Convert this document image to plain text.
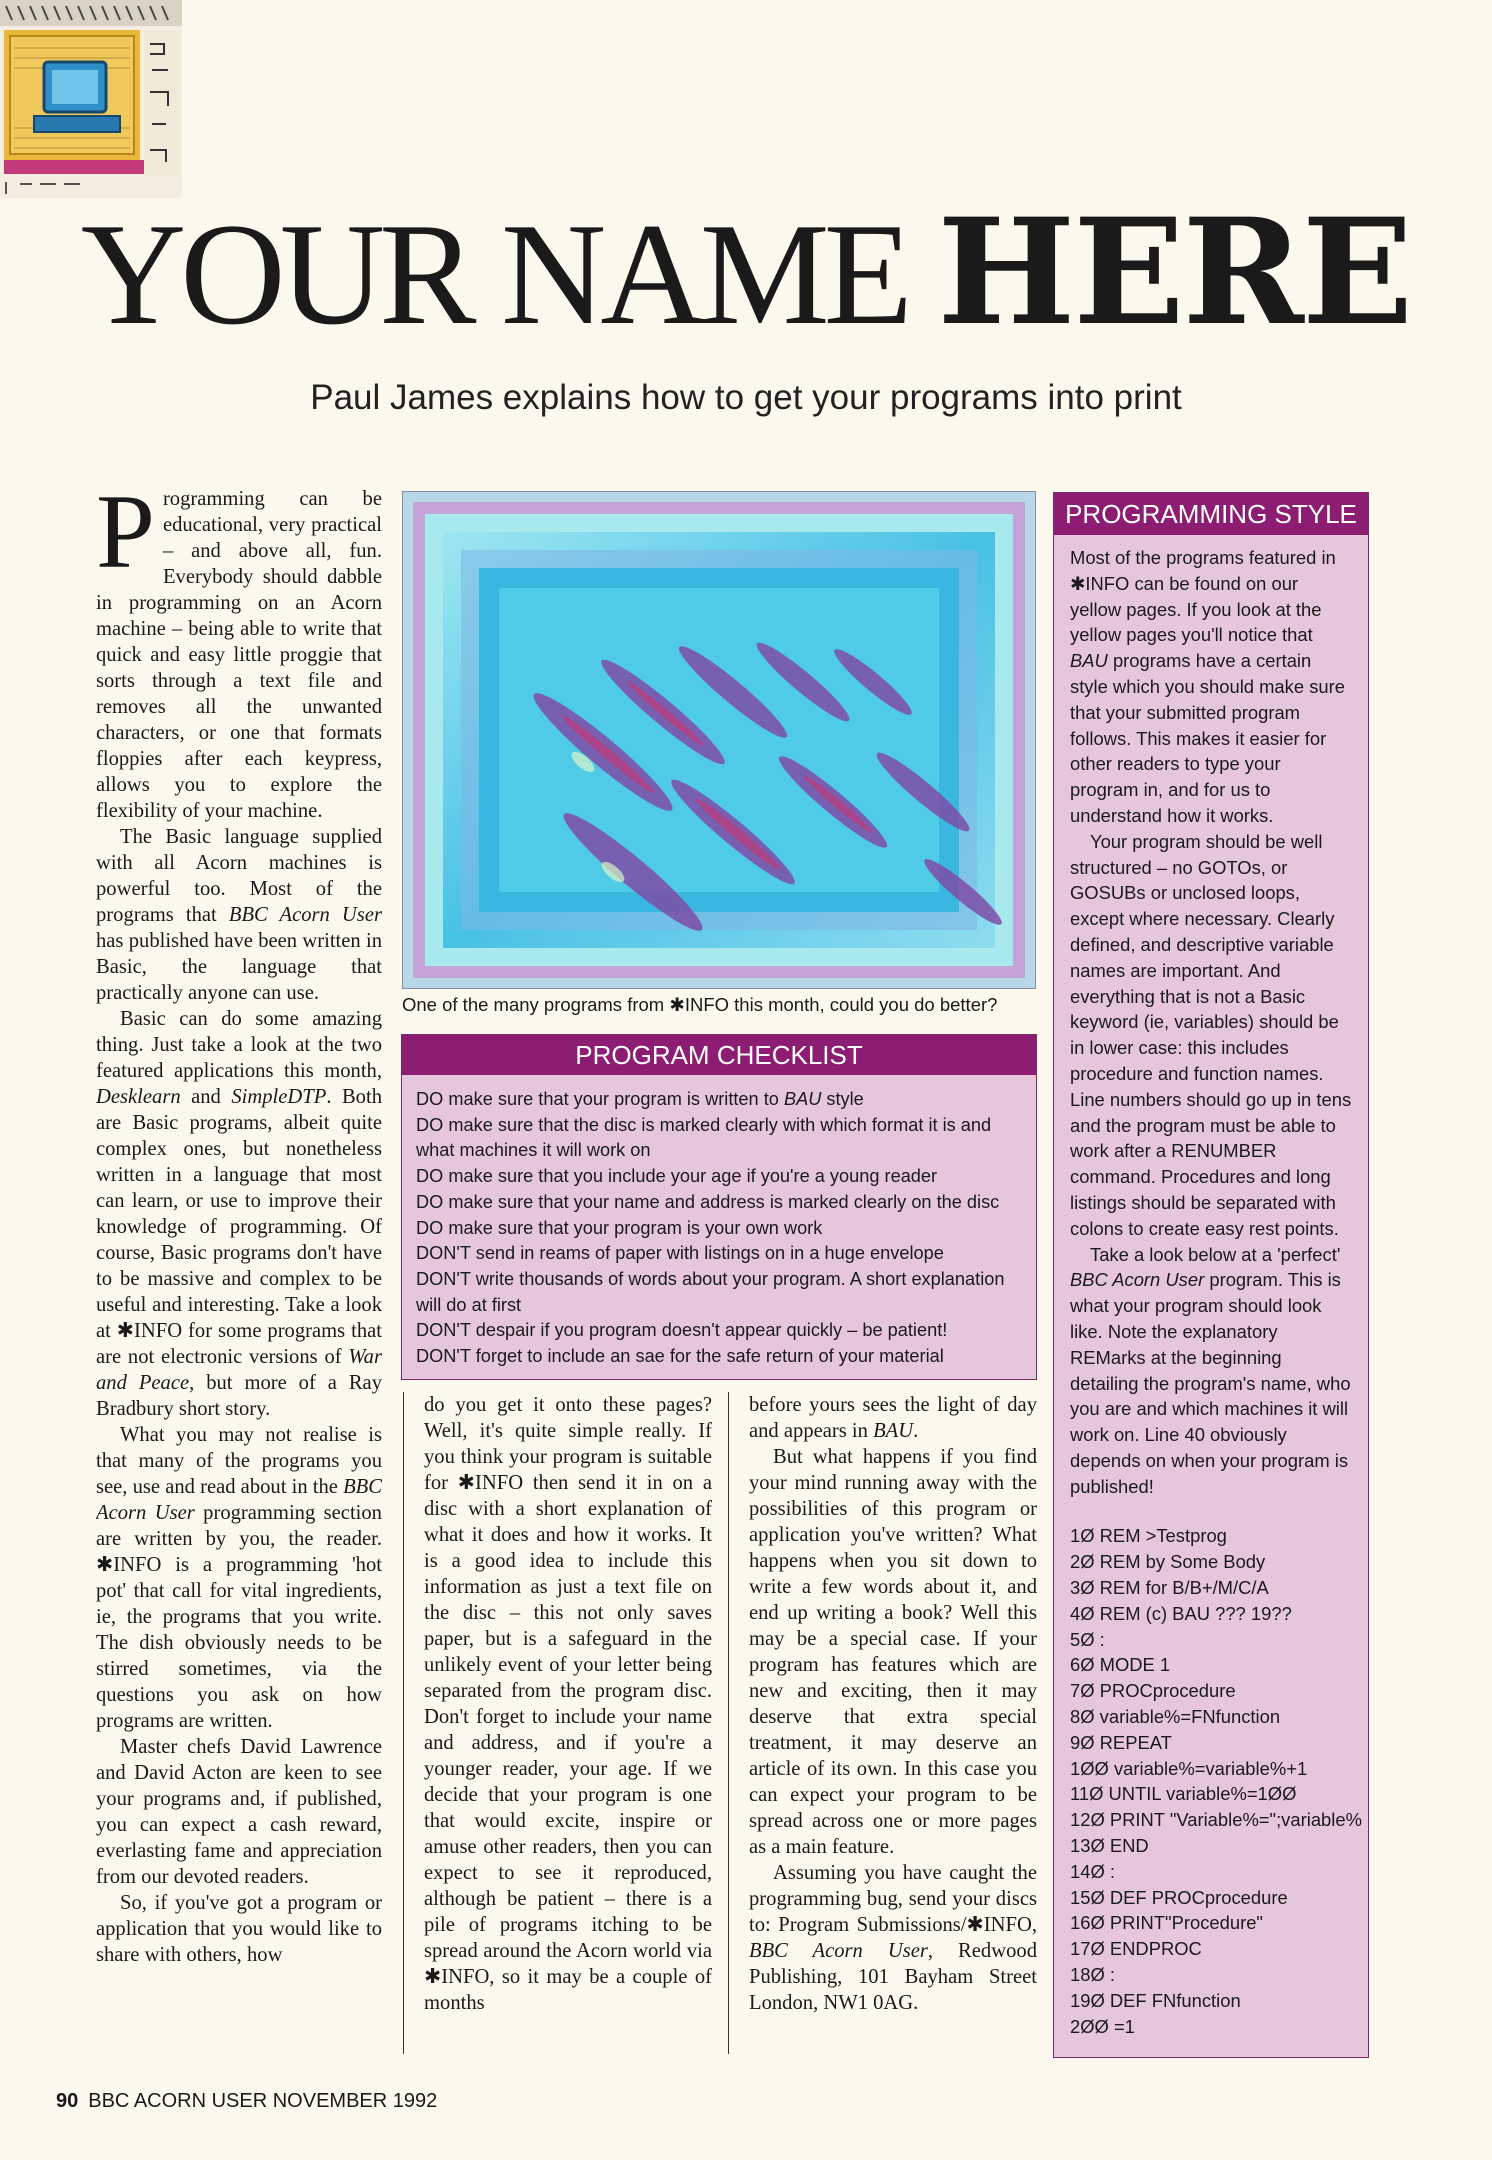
YOUR NAME HERE
Paul James explains how to get your programs into print

Programming can be educational, very practical – and above all, fun. Everybody should dabble in programming on an Acorn machine – being able to write that quick and easy little proggie that sorts through a text file and removes all the unwanted characters, or one that formats floppies after each keypress, allows you to explore the flexibility of your machine.

The Basic language supplied with all Acorn machines is powerful too. Most of the programs that BBC Acorn User has published have been written in Basic, the language that practically anyone can use.

Basic can do some amazing thing. Just take a look at the two featured applications this month, Desklearn and SimpleDTP. Both are Basic programs, albeit quite complex ones, but nonetheless written in a language that most can learn, or use to improve their knowledge of programming. Of course, Basic programs don't have to be massive and complex to be useful and interesting. Take a look at ✱INFO for some programs that are not electronic versions of War and Peace, but more of a Ray Bradbury short story.

What you may not realise is that many of the programs you see, use and read about in the BBC Acorn User programming section are written by you, the reader. ✱INFO is a programming 'hot pot' that call for vital ingredients, ie, the programs that you write. The dish obviously needs to be stirred sometimes, via the questions you ask on how programs are written.

Master chefs David Lawrence and David Acton are keen to see your programs and, if published, you can expect a cash reward, everlasting fame and appreciation from our devoted readers.

So, if you've got a program or application that you would like to share with others, how

One of the many programs from ✱INFO this month, could you do better?
PROGRAM CHECKLIST
DO make sure that your program is written to BAU style
DO make sure that the disc is marked clearly with which format it is and what machines it will work on
DO make sure that you include your age if you're a young reader
DO make sure that your name and address is marked clearly on the disc
DO make sure that your program is your own work
DON'T send in reams of paper with listings on in a huge envelope
DON'T write thousands of words about your program. A short explanation will do at first
DON'T despair if you program doesn't appear quickly – be patient!
DON'T forget to include an sae for the safe return of your material

do you get it onto these pages? Well, it's quite simple really. If you think your program is suitable for ✱INFO then send it in on a disc with a short explanation of what it does and how it works. It is a good idea to include this information as just a text file on the disc – this not only saves paper, but is a safeguard in the unlikely event of your letter being separated from the program disc. Don't forget to include your name and address, and if you're a younger reader, your age. If we decide that your program is one that would excite, inspire or amuse other readers, then you can expect to see it reproduced, although be patient – there is a pile of programs itching to be spread around the Acorn world via ✱INFO, so it may be a couple of months

before yours sees the light of day and appears in BAU.

But what happens if you find your mind running away with the possibilities of this program or application you've written? What happens when you sit down to write a few words about it, and end up writing a book? Well this may be a special case. If your program has features which are new and exciting, then it may deserve that extra special treatment, it may deserve an article of its own. In this case you can expect your program to be spread across one or more pages as a main feature.

Assuming you have caught the programming bug, send your discs to: Program Submissions/✱INFO, BBC Acorn User, Redwood Publishing, 101 Bayham Street London, NW1 0AG.

PROGRAMMING STYLE

Most of the programs featured in ✱INFO can be found on our yellow pages. If you look at the yellow pages you'll notice that BAU programs have a certain style which you should make sure that your submitted program follows. This makes it easier for other readers to type your program in, and for us to understand how it works.

Your program should be well structured – no GOTOs, or GOSUBs or unclosed loops, except where necessary. Clearly defined, and descriptive variable names are important. And everything that is not a Basic keyword (ie, variables) should be in lower case: this includes procedure and function names. Line numbers should go up in tens and the program must be able to work after a RENUMBER command. Procedures and long listings should be separated with colons to create easy rest points.

Take a look below at a 'perfect' BBC Acorn User program. This is what your program should look like. Note the explanatory REMarks at the beginning detailing the program's name, who you are and which machines it will work on. Line 40 obviously depends on when your program is published!

1Ø REM >Testprog
2Ø REM by Some Body
3Ø REM for B/B+/M/C/A
4Ø REM (c) BAU ??? 19??
5Ø :
6Ø MODE 1
7Ø PROCprocedure
8Ø variable%=FNfunction
9Ø REPEAT
1ØØ variable%=variable%+1
11Ø UNTIL variable%=1ØØ
12Ø PRINT "Variable%=";variable%
13Ø END
14Ø :
15Ø DEF PROCprocedure
16Ø PRINT"Procedure"
17Ø ENDPROC
18Ø :
19Ø DEF FNfunction
2ØØ =1
90 BBC ACORN USER NOVEMBER 1992
